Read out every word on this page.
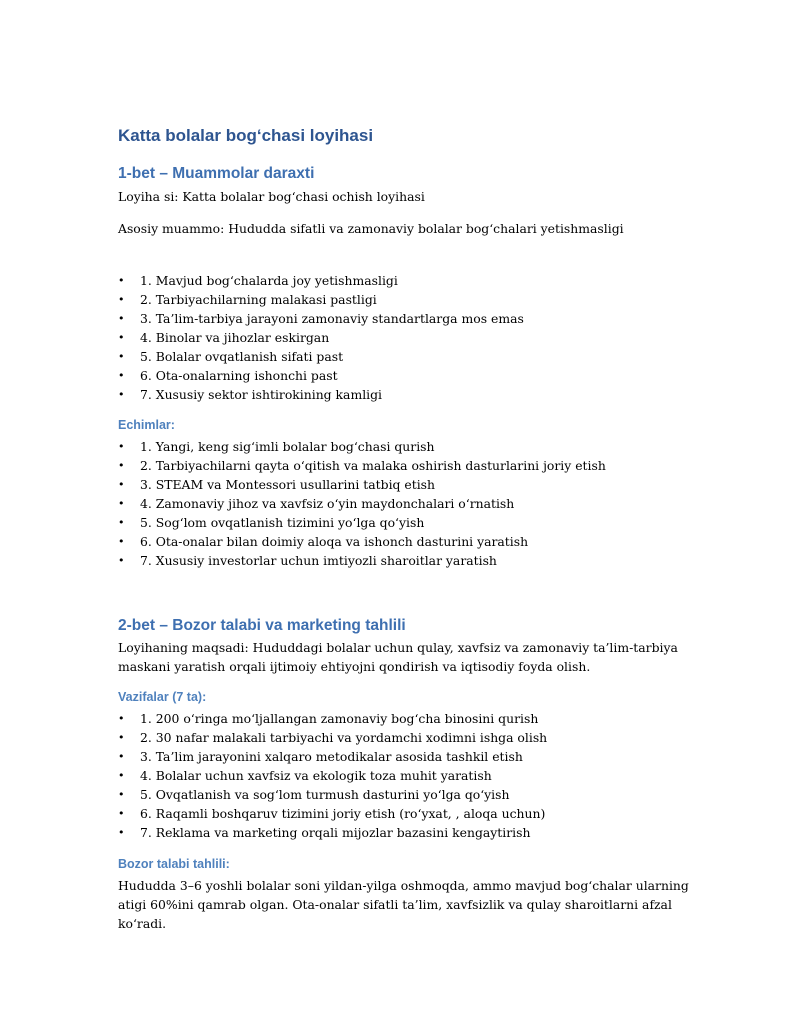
Katta bolalar bog‘chasi loyihasi
1-bet – Muammolar daraxti

Loyiha si: Katta bolalar bog‘chasi ochish loyihasi

Asosiy muammo: Hududda sifatli va zamonaviy bolalar bog‘chalari yetishmasligi

• 1. Mavjud bog‘chalarda joy yetishmasligi
• 2. Tarbiyachilarning malakasi pastligi
• 3. Ta’lim-tarbiya jarayoni zamonaviy standartlarga mos emas
• 4. Binolar va jihozlar eskirgan
• 5. Bolalar ovqatlanish sifati past
• 6. Ota-onalarning ishonchi past
• 7. Xususiy sektor ishtirokining kamligi
Echimlar:
• 1. Yangi, keng sig‘imli bolalar bog‘chasi qurish
• 2. Tarbiyachilarni qayta o‘qitish va malaka oshirish dasturlarini joriy etish
• 3. STEAM va Montessori usullarini tatbiq etish
• 4. Zamonaviy jihoz va xavfsiz o‘yin maydonchalari o‘rnatish
• 5. Sog‘lom ovqatlanish tizimini yo‘lga qo‘yish
• 6. Ota-onalar bilan doimiy aloqa va ishonch dasturini yaratish
• 7. Xususiy investorlar uchun imtiyozli sharoitlar yaratish
2-bet – Bozor talabi va marketing tahlili

Loyihaning maqsadi: Hududdagi bolalar uchun qulay, xavfsiz va zamonaviy ta’lim-tarbiya maskani yaratish orqali ijtimoiy ehtiyojni qondirish va iqtisodiy foyda olish.

Vazifalar (7 ta):
• 1. 200 o‘ringa mo‘ljallangan zamonaviy bog‘cha binosini qurish
• 2. 30 nafar malakali tarbiyachi va yordamchi xodimni ishga olish
• 3. Ta’lim jarayonini xalqaro metodikalar asosida tashkil etish
• 4. Bolalar uchun xavfsiz va ekologik toza muhit yaratish
• 5. Ovqatlanish va sog‘lom turmush dasturini yo‘lga qo‘yish
• 6. Raqamli boshqaruv tizimini joriy etish (ro‘yxat, , aloqa uchun)
• 7. Reklama va marketing orqali mijozlar bazasini kengaytirish
Bozor talabi tahlili:

Hududda 3–6 yoshli bolalar soni yildan-yilga oshmoqda, ammo mavjud bog‘chalar ularning atigi 60%ini qamrab olgan. Ota-onalar sifatli ta’lim, xavfsizlik va qulay sharoitlarni afzal ko‘radi.
